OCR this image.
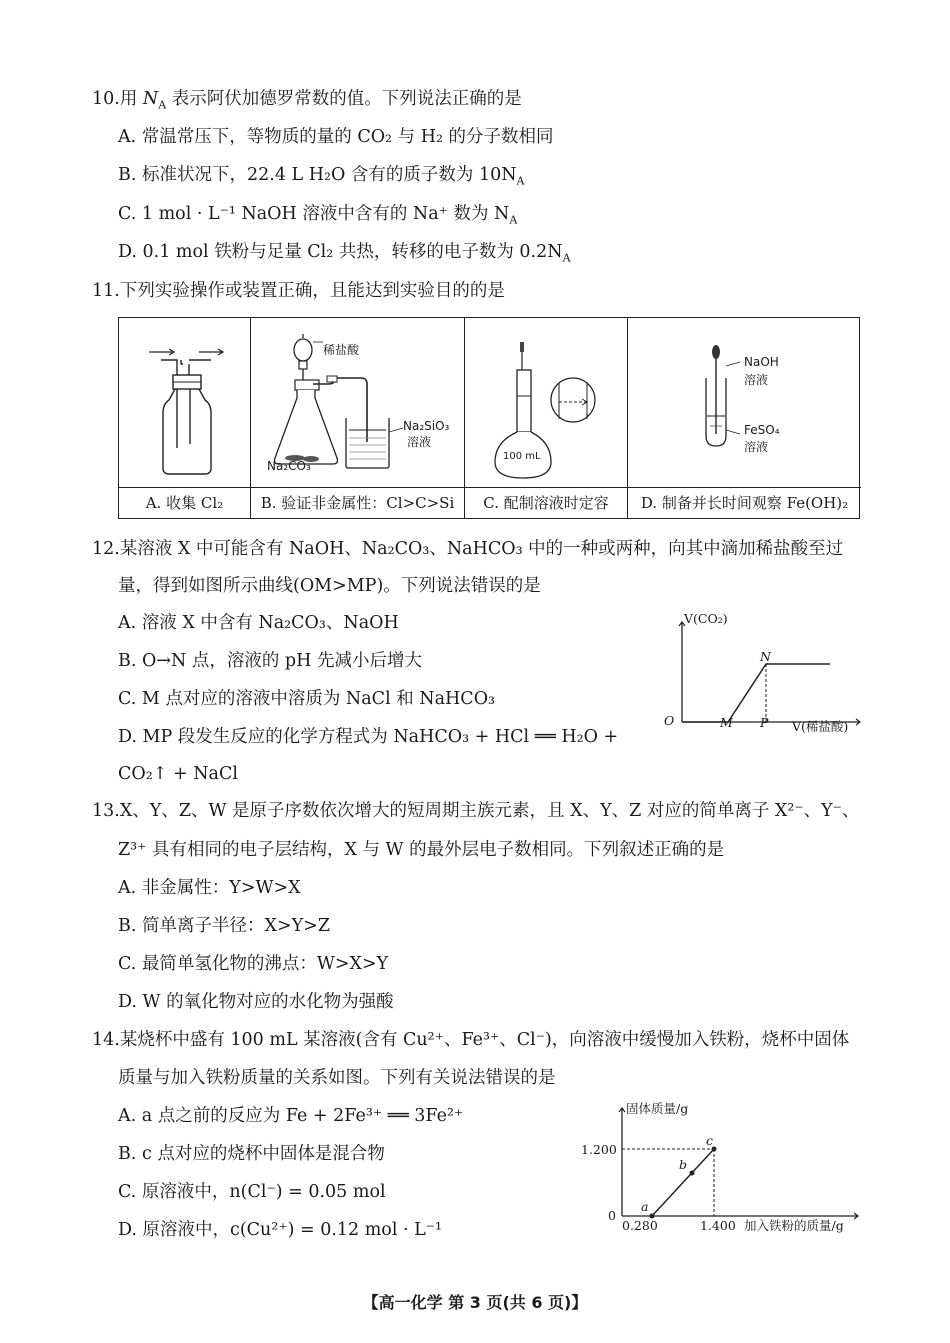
10.用 $N_A$ 表示阿伏加德罗常数的值。下列说法正确的是
A. 常温常压下，等物质的量的 CO₂ 与 H₂ 的分子数相同
B. 标准状况下，22.4 L H₂O 含有的质子数为 $10N_A$
C. 1 mol · L⁻¹ NaOH 溶液中含有的 Na⁺ 数为 $N_A$
D. 0.1 mol 铁粉与足量 Cl₂ 共热，转移的电子数为 $0.2N_A$
11.下列实验操作或装置正确，且能达到实验目的的是
A. 收集 Cl₂
稀盐酸
Na₂SiO₃
溶液
Na₂CO₃
B. 验证非金属性：Cl>C>Si
100 mL
C. 配制溶液时定容
NaOH
溶液
FeSO₄
溶液
D. 制备并长时间观察 Fe(OH)₂
12.某溶液 X 中可能含有 NaOH、Na₂CO₃、NaHCO₃ 中的一种或两种，向其中滴加稀盐酸至过
量，得到如图所示曲线(OM>MP)。下列说法错误的是
A. 溶液 X 中含有 Na₂CO₃、NaOH
B. O→N 点，溶液的 pH 先减小后增大
C. M 点对应的溶液中溶质为 NaCl 和 NaHCO₃
D. MP 段发生反应的化学方程式为 NaHCO₃ + HCl ══ H₂O +
CO₂↑ + NaCl
V(CO₂)
O	M P
N
V(稀盐酸)
13.X、Y、Z、W 是原子序数依次增大的短周期主族元素，且 X、Y、Z 对应的简单离子 X²⁻、Y⁻、
Z³⁺ 具有相同的电子层结构，X 与 W 的最外层电子数相同。下列叙述正确的是
A. 非金属性：Y>W>X
B. 简单离子半径：X>Y>Z
C. 最简单氢化物的沸点：W>X>Y
D. W 的氧化物对应的水化物为强酸
14.某烧杯中盛有 100 mL 某溶液(含有 Cu²⁺、Fe³⁺、Cl⁻)，向溶液中缓慢加入铁粉，烧杯中固体
质量与加入铁粉质量的关系如图。下列有关说法错误的是
A. a 点之前的反应为 Fe + 2Fe³⁺ ══ 3Fe²⁺
B. c 点对应的烧杯中固体是混合物
C. 原溶液中，n(Cl⁻) = 0.05 mol
D. 原溶液中，c(Cu²⁺) = 0.12 mol · L⁻¹
固体质量/g
1.200
0
0.280	1.400 加入铁粉的质量/g
a
b
c
【高一化学 第 3 页(共 6 页)】
